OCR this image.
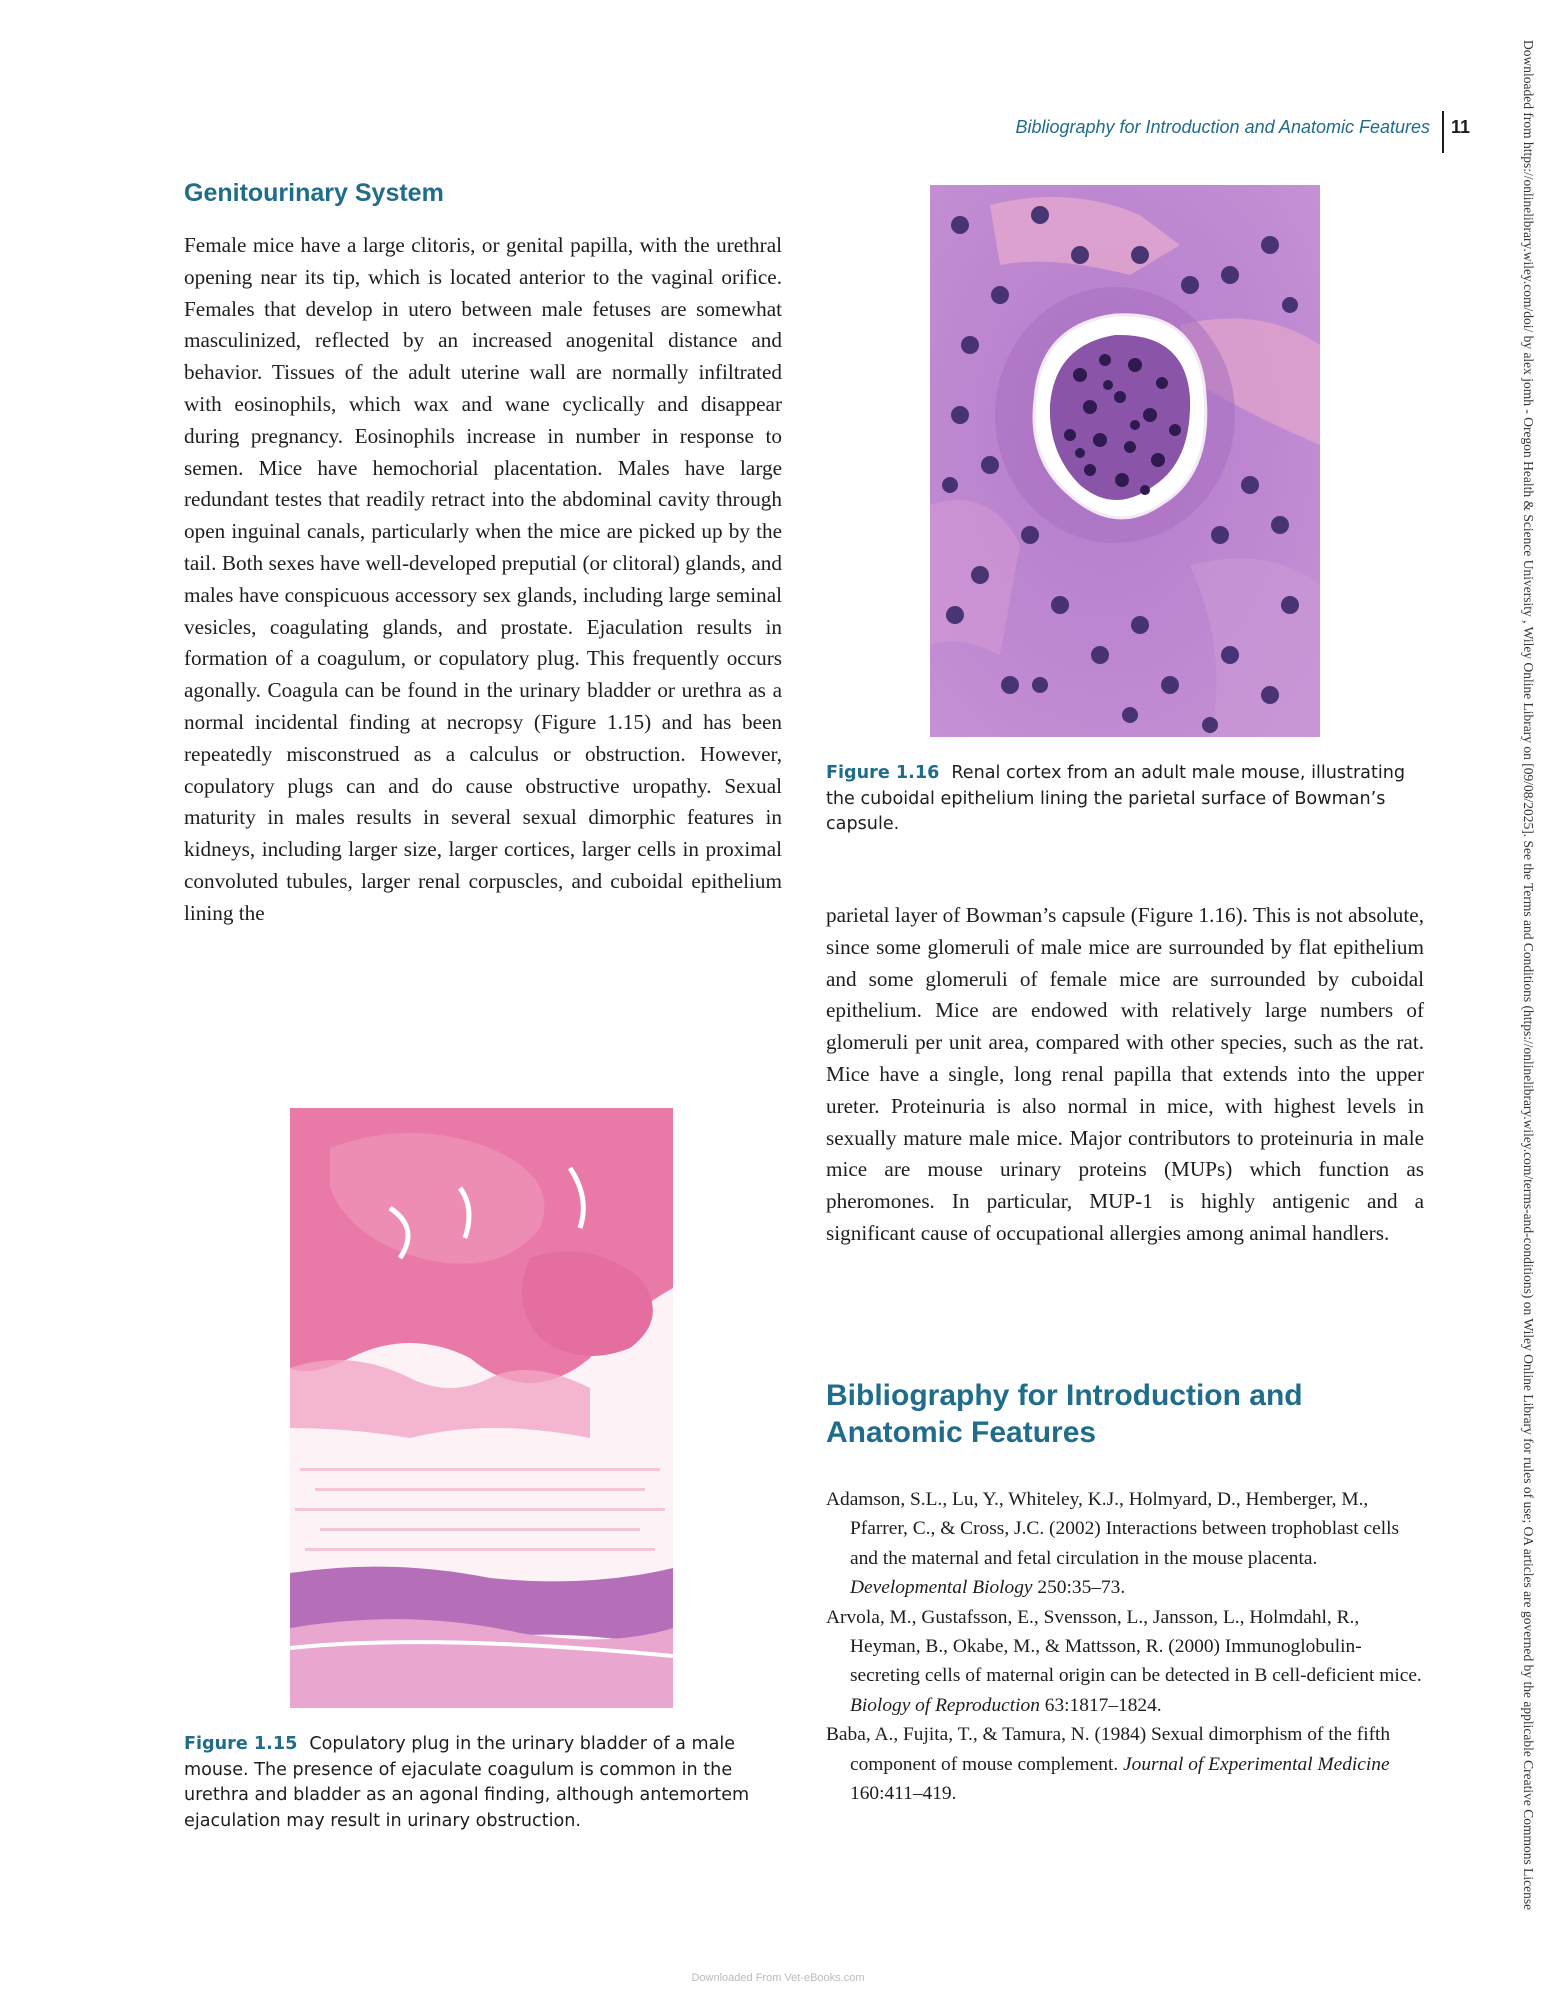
Bibliography for Introduction and Anatomic Features 11	Downloaded from https://onlinelibrary.wiley.com/doi/ by alex jomh - Oregon Health & Science University , Wiley Online Library on [09/08/2025]. See the Terms and Conditions (https://onlinelibrary.wiley.com/terms-and-conditions) on Wiley Online Library for rules of use; OA articles are governed by the applicable Creative Commons License
Genitourinary System

Female mice have a large clitoris, or genital papilla, with the urethral opening near its tip, which is located anterior to the vaginal orifice. Females that develop in utero between male fetuses are somewhat masculinized, reflected by an increased anogenital distance and behavior. Tissues of the adult uterine wall are normally infiltrated with eosinophils, which wax and wane cyclically and disappear during pregnancy. Eosinophils increase in number in response to semen. Mice have hemochorial placentation. Males have large redundant testes that readily retract into the abdominal cavity through open inguinal canals, particularly when the mice are picked up by the tail. Both sexes have well-developed preputial (or clitoral) glands, and males have conspicuous accessory sex glands, including large seminal vesicles, coagulating glands, and prostate. Ejaculation results in formation of a coagulum, or copulatory plug. This frequently occurs agonally. Coagula can be found in the urinary bladder or urethra as a normal incidental finding at necropsy (Figure 1.15) and has been repeatedly misconstrued as a calculus or obstruction. However, copulatory plugs can and do cause obstructive uropathy. Sexual maturity in males results in several sexual dimorphic features in kidneys, including larger size, larger cortices, larger cells in proximal convoluted tubules, larger renal corpuscles, and cuboidal epithelium lining the

Figure 1.16 Renal cortex from an adult male mouse, illustrating the cuboidal epithelium lining the parietal surface of Bowman’s capsule.

parietal layer of Bowman’s capsule (Figure 1.16). This is not absolute, since some glomeruli of male mice are surrounded by flat epithelium and some glomeruli of female mice are surrounded by cuboidal epithelium. Mice are endowed with relatively large numbers of glomeruli per unit area, compared with other species, such as the rat. Mice have a single, long renal papilla that extends into the upper ureter. Proteinuria is also normal in mice, with highest levels in sexually mature male mice. Major contributors to proteinuria in male mice are mouse urinary proteins (MUPs) which function as pheromones. In particular, MUP-1 is highly antigenic and a significant cause of occupational allergies among animal handlers.

Figure 1.15 Copulatory plug in the urinary bladder of a male mouse. The presence of ejaculate coagulum is common in the urethra and bladder as an agonal finding, although antemortem ejaculation may result in urinary obstruction.
Bibliography for Introduction and Anatomic Features

Adamson, S.L., Lu, Y., Whiteley, K.J., Holmyard, D., Hemberger, M., Pfarrer, C., & Cross, J.C. (2002) Interactions between trophoblast cells and the maternal and fetal circulation in the mouse placenta. Developmental Biology 250:35–73.

Arvola, M., Gustafsson, E., Svensson, L., Jansson, L., Holmdahl, R., Heyman, B., Okabe, M., & Mattsson, R. (2000) Immunoglobulin-secreting cells of maternal origin can be detected in B cell-deficient mice. Biology of Reproduction 63:1817–1824.

Baba, A., Fujita, T., & Tamura, N. (1984) Sexual dimorphism of the fifth component of mouse complement. Journal of Experimental Medicine 160:411–419.

Downloaded From Vet-eBooks.com
